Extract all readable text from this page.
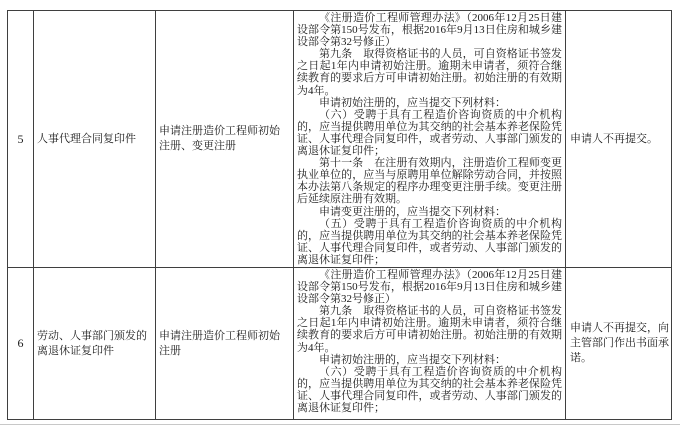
5	人事代理合同复印件
申请注册造价工程师初始注册、变更注册

《注册造价工程师管理办法》（2006年12月25日建设部令第150号发布，根据2016年9月13日住房和城乡建设部令第32号修正）

第九条　取得资格证书的人员，可自资格证书签发之日起1年内申请初始注册。逾期未申请者，须符合继续教育的要求后方可申请初始注册。初始注册的有效期为4年。

申请初始注册的，应当提交下列材料：

（六）受聘于具有工程造价咨询资质的中介机构的，应当提供聘用单位为其交纳的社会基本养老保险凭证、人事代理合同复印件，或者劳动、人事部门颁发的离退休证复印件；

第十一条　在注册有效期内，注册造价工程师变更执业单位的，应当与原聘用单位解除劳动合同，并按照本办法第八条规定的程序办理变更注册手续。变更注册后延续原注册有效期。

申请变更注册的，应当提交下列材料：

（五）受聘于具有工程造价咨询资质的中介机构的，应当提供聘用单位为其交纳的社会基本养老保险凭证、人事代理合同复印件，或者劳动、人事部门颁发的离退休证复印件；

申请人不再提交。
6
劳动、人事部门颁发的离退休证复印件
申请注册造价工程师初始注册

《注册造价工程师管理办法》（2006年12月25日建设部令第150号发布，根据2016年9月13日住房和城乡建设部令第32号修正）

第九条　取得资格证书的人员，可自资格证书签发之日起1年内申请初始注册。逾期未申请者，须符合继续教育的要求后方可申请初始注册。初始注册的有效期为4年。

申请初始注册的，应当提交下列材料：

（六）受聘于具有工程造价咨询资质的中介机构的，应当提供聘用单位为其交纳的社会基本养老保险凭证、人事代理合同复印件，或者劳动、人事部门颁发的离退休证复印件；

申请人不再提交，向主管部门作出书面承诺。
